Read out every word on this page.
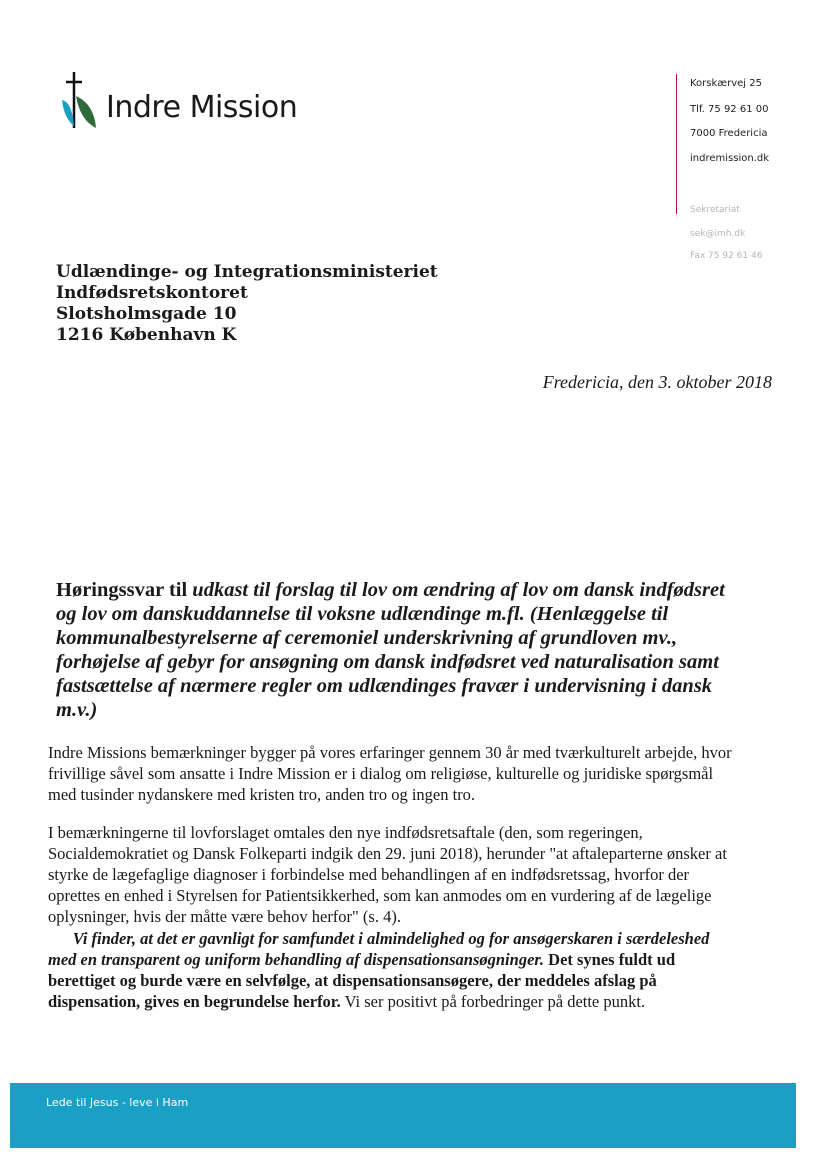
Indre Mission
Korskærvej 25
Tlf. 75 92 61 00
7000 Fredericia
indremission.dk
Sekretariat
sek@imh.dk
Fax 75 92 61 46
Udlændinge- og Integrationsministeriet
Indfødsretskontoret
Slotsholmsgade 10
1216 København K
Fredericia, den 3. oktober 2018
Høringssvar til udkast til forslag til lov om ændring af lov om dansk indfødsret og lov om danskuddannelse til voksne udlændinge m.fl. (Henlæggelse til kommunalbestyrelserne af ceremoniel underskrivning af grundloven mv., forhøjelse af gebyr for ansøgning om dansk indfødsret ved naturalisation samt fastsættelse af nærmere regler om udlændinges fravær i undervisning i dansk m.v.)
Indre Missions bemærkninger bygger på vores erfaringer gennem 30 år med tværkulturelt arbejde, hvor frivillige såvel som ansatte i Indre Mission er i dialog om religiøse, kulturelle og juridiske spørgsmål med tusinder nydanskere med kristen tro, anden tro og ingen tro.
I bemærkningerne til lovforslaget omtales den nye indfødsretsaftale (den, som regeringen, Socialdemokratiet og Dansk Folkeparti indgik den 29. juni 2018), herunder "at aftaleparterne ønsker at styrke de lægefaglige diagnoser i forbindelse med behandlingen af en indfødsretssag, hvorfor der oprettes en enhed i Styrelsen for Patientsikkerhed, som kan anmodes om en vurdering af de lægelige oplysninger, hvis der måtte være behov herfor" (s. 4).
Vi finder, at det er gavnligt for samfundet i almindelighed og for ansøgerskaren i særdeleshed med en transparent og uniform behandling af dispensationsansøgninger. Det synes fuldt ud berettiget og burde være en selvfølge, at dispensationsansøgere, der meddeles afslag på dispensation, gives en begrundelse herfor. Vi ser positivt på forbedringer på dette punkt.
Lede til Jesus - leve i Ham
